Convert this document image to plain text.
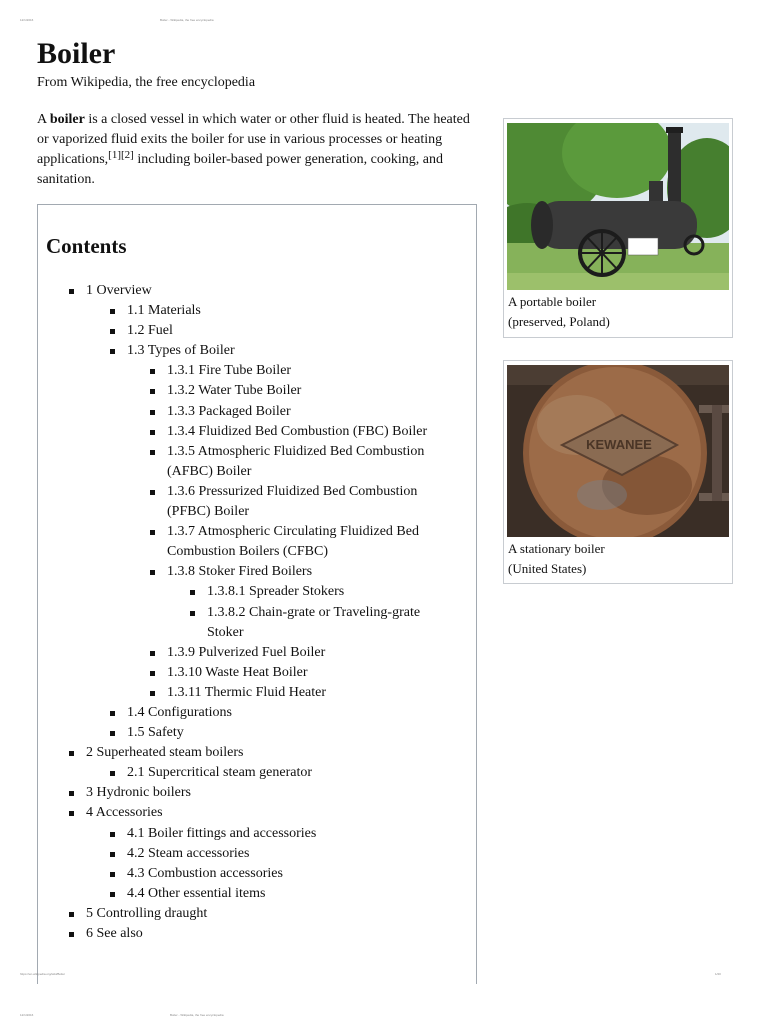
12/1/2016	Boiler - Wikipedia, the free encyclopedia
Boiler
From Wikipedia, the free encyclopedia

A boiler is a closed vessel in which water or other fluid is heated. The heated or vaporized fluid exits the boiler for use in various processes or heating applications,[1][2] including boiler-based power generation, cooking, and sanitation.

Contents
1 Overview
1.1 Materials
1.2 Fuel
1.3 Types of Boiler
1.3.1 Fire Tube Boiler
1.3.2 Water Tube Boiler
1.3.3 Packaged Boiler
1.3.4 Fluidized Bed Combustion (FBC) Boiler
1.3.5 Atmospheric Fluidized Bed Combustion (AFBC) Boiler
1.3.6 Pressurized Fluidized Bed Combustion (PFBC) Boiler
1.3.7 Atmospheric Circulating Fluidized Bed Combustion Boilers (CFBC)
1.3.8 Stoker Fired Boilers
1.3.8.1 Spreader Stokers
1.3.8.2 Chain-grate or Traveling-grate Stoker
1.3.9 Pulverized Fuel Boiler
1.3.10 Waste Heat Boiler
1.3.11 Thermic Fluid Heater
1.4 Configurations
1.5 Safety
2 Superheated steam boilers
2.1 Supercritical steam generator
3 Hydronic boilers
4 Accessories
4.1 Boiler fittings and accessories
4.2 Steam accessories
4.3 Combustion accessories
4.4 Other essential items
5 Controlling draught
6 See also
A portable boiler
(preserved, Poland)
KEWANEE
A stationary boiler
(United States)
https://en.wikipedia.org/wiki/Boiler	1/20
12/1/2016	Boiler - Wikipedia, the free encyclopedia
